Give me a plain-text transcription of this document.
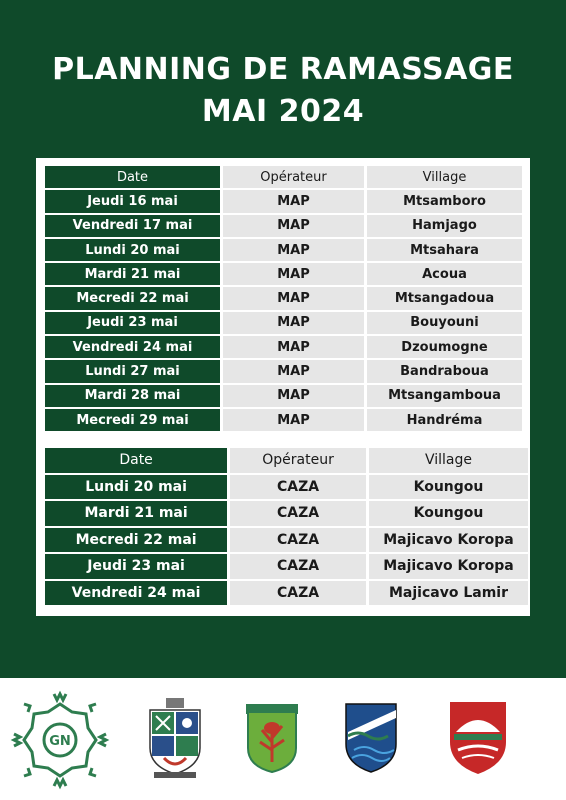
PLANNING DE RAMASSAGE
MAI 2024
Date	Opérateur	Village
Jeudi 16 mai	MAP	Mtsamboro
Vendredi 17 mai	MAP	Hamjago
Lundi 20 mai	MAP	Mtsahara
Mardi 21 mai	MAP	Acoua
Mecredi 22 mai	MAP	Mtsangadoua
Jeudi 23 mai	MAP	Bouyouni
Vendredi 24 mai	MAP	Dzoumogne
Lundi 27 mai	MAP	Bandraboua
Mardi 28 mai	MAP	Mtsangamboua
Mecredi 29 mai	MAP	Handréma
Date	Opérateur	Village
Lundi 20 mai	CAZA	Koungou
Mardi 21 mai	CAZA	Koungou
Mecredi 22 mai	CAZA	Majicavo Koropa
Jeudi 23 mai	CAZA	Majicavo Koropa
Vendredi 24 mai	CAZA	Majicavo Lamir
GN
